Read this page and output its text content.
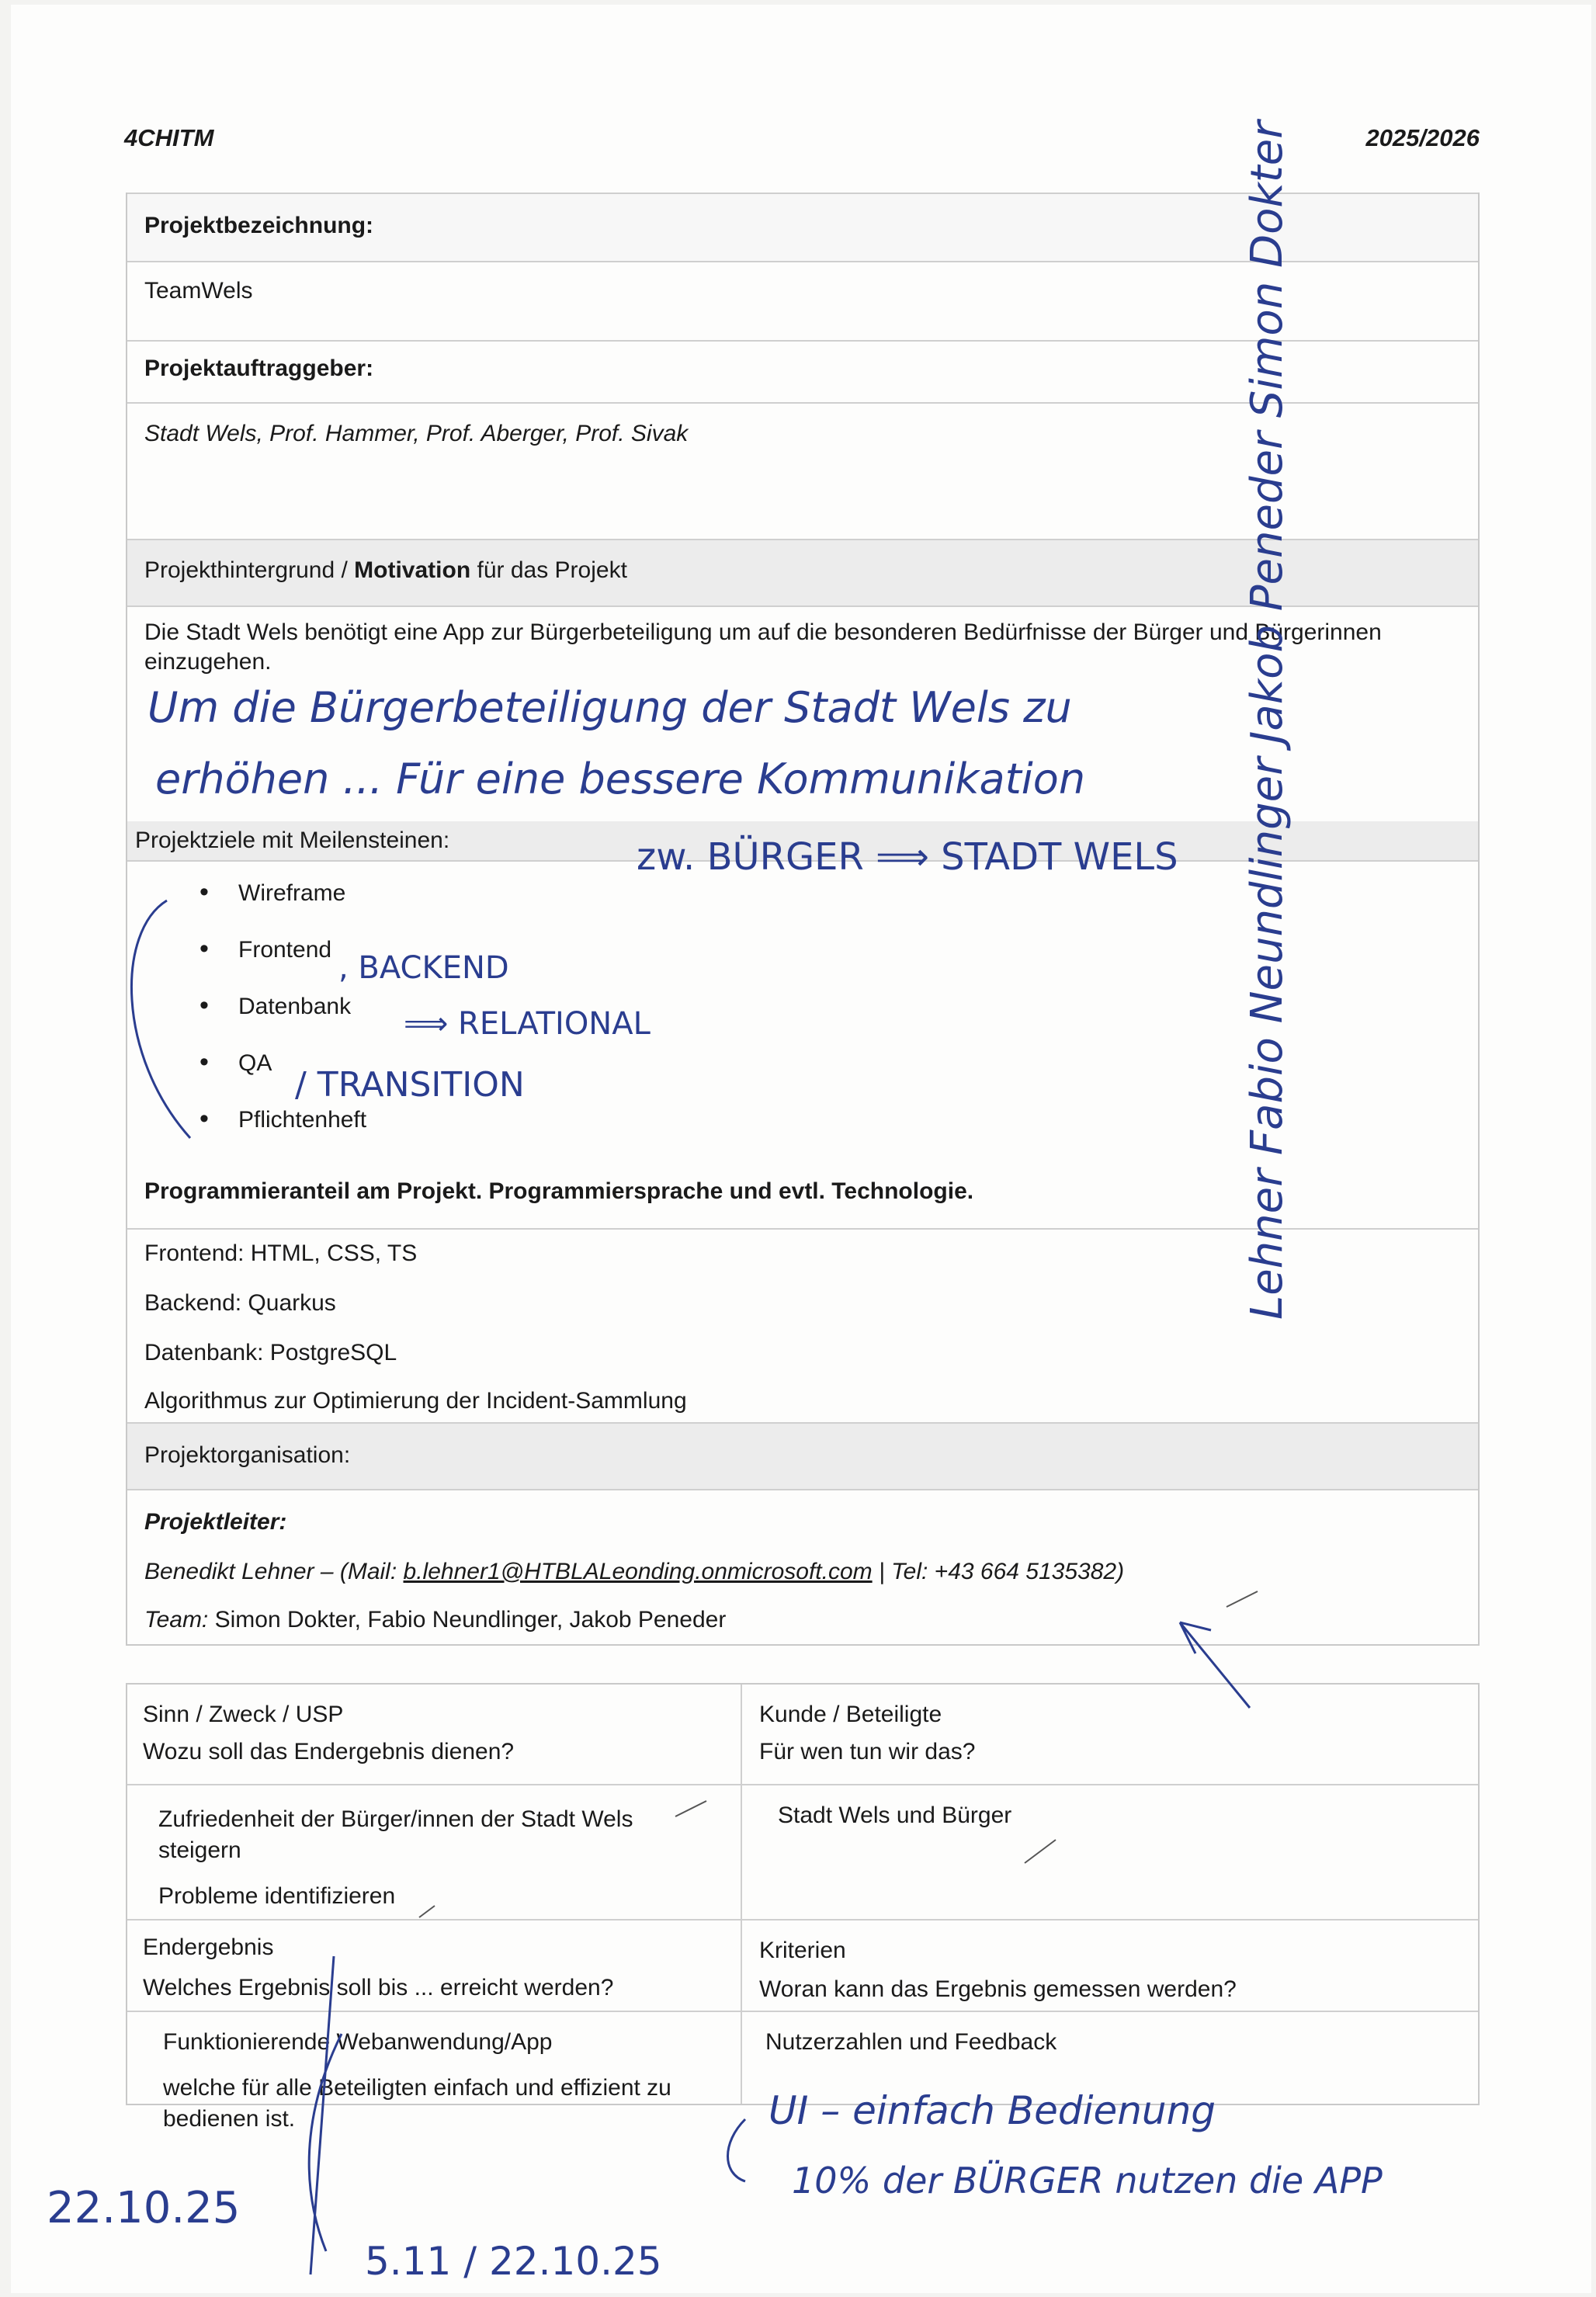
4CHITM	2025/2026
Projektbezeichnung:
TeamWels
Projektauftraggeber:
Stadt Wels, Prof. Hammer, Prof. Aberger, Prof. Sivak
Projekthintergrund / Motivation für das Projekt
Die Stadt Wels benötigt eine App zur Bürgerbeteiligung um auf die besonderen Bedürfnisse der Bürger und Bürgerinnen einzugehen.
Projektziele mit Meilensteinen:
• Wireframe
• Frontend
• Datenbank
• QA
• Pflichtenheft
Programmieranteil am Projekt. Programmiersprache und evtl. Technologie.
Frontend: HTML, CSS, TS
Backend: Quarkus
Datenbank: PostgreSQL
Algorithmus zur Optimierung der Incident-Sammlung
Projektorganisation:
Projektleiter:
Benedikt Lehner – (Mail: b.lehner1@HTBLALeonding.onmicrosoft.com | Tel: +43 664 5135382)
Team: Simon Dokter, Fabio Neundlinger, Jakob Peneder
Sinn / Zweck / USP
Wozu soll das Endergebnis dienen?
Zufriedenheit der Bürger/innen der Stadt Wels steigern
Probleme identifizieren
Kunde / Beteiligte
Für wen tun wir das?
Stadt Wels und Bürger
Endergebnis
Welches Ergebnis soll bis ... erreicht werden?
Funktionierende Webanwendung/App
welche für alle Beteiligten einfach und effizient zu bedienen ist.
Kriterien
Woran kann das Ergebnis gemessen werden?
Nutzerzahlen und Feedback
Um die Bürgerbeteiligung der Stadt Wels zu
erhöhen ... Für eine bessere Kommunikation
zw. BÜRGER ⟹ STADT WELS
, BACKEND
⟹ RELATIONAL
/ TRANSITION
UI – einfach Bedienung
10% der BÜRGER nutzen die APP
22.10.25
5.11 / 22.10.25
Lehner Fabio Neundlinger Jakob Peneder Simon Dokter
